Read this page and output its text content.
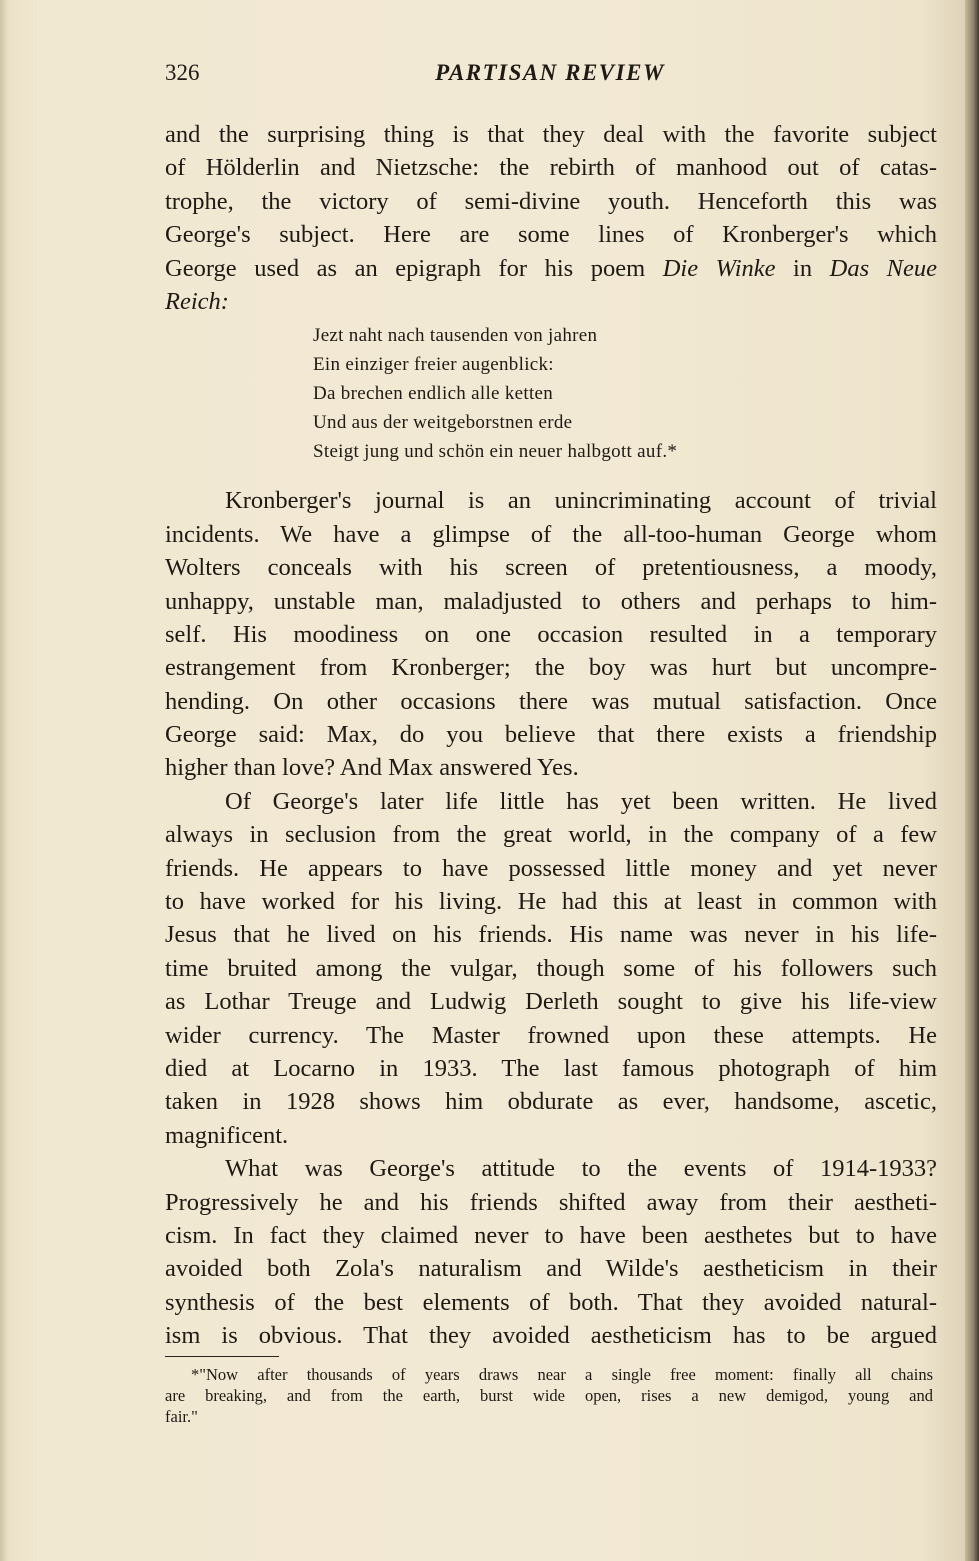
326	PARTISAN REVIEW
and the surprising thing is that they deal with the favorite subject
of Hölderlin and Nietzsche: the rebirth of manhood out of catas-
trophe, the victory of semi-divine youth. Henceforth this was
George's subject. Here are some lines of Kronberger's which
George used as an epigraph for his poem Die Winke in Das Neue
Reich:
Jezt naht nach tausenden von jahren
Ein einziger freier augenblick:
Da brechen endlich alle ketten
Und aus der weitgeborstnen erde
Steigt jung und schön ein neuer halbgott auf.*
Kronberger's journal is an unincriminating account of trivial
incidents. We have a glimpse of the all-too-human George whom
Wolters conceals with his screen of pretentiousness, a moody,
unhappy, unstable man, maladjusted to others and perhaps to him-
self. His moodiness on one occasion resulted in a temporary
estrangement from Kronberger; the boy was hurt but uncompre-
hending. On other occasions there was mutual satisfaction. Once
George said: Max, do you believe that there exists a friendship
higher than love? And Max answered Yes.
Of George's later life little has yet been written. He lived
always in seclusion from the great world, in the company of a few
friends. He appears to have possessed little money and yet never
to have worked for his living. He had this at least in common with
Jesus that he lived on his friends. His name was never in his life-
time bruited among the vulgar, though some of his followers such
as Lothar Treuge and Ludwig Derleth sought to give his life-view
wider currency. The Master frowned upon these attempts. He
died at Locarno in 1933. The last famous photograph of him
taken in 1928 shows him obdurate as ever, handsome, ascetic,
magnificent.
What was George's attitude to the events of 1914-1933?
Progressively he and his friends shifted away from their aestheti-
cism. In fact they claimed never to have been aesthetes but to have
avoided both Zola's naturalism and Wilde's aestheticism in their
synthesis of the best elements of both. That they avoided natural-
ism is obvious. That they avoided aestheticism has to be argued
*"Now after thousands of years draws near a single free moment: finally all chains
are breaking, and from the earth, burst wide open, rises a new demigod, young and
fair."
